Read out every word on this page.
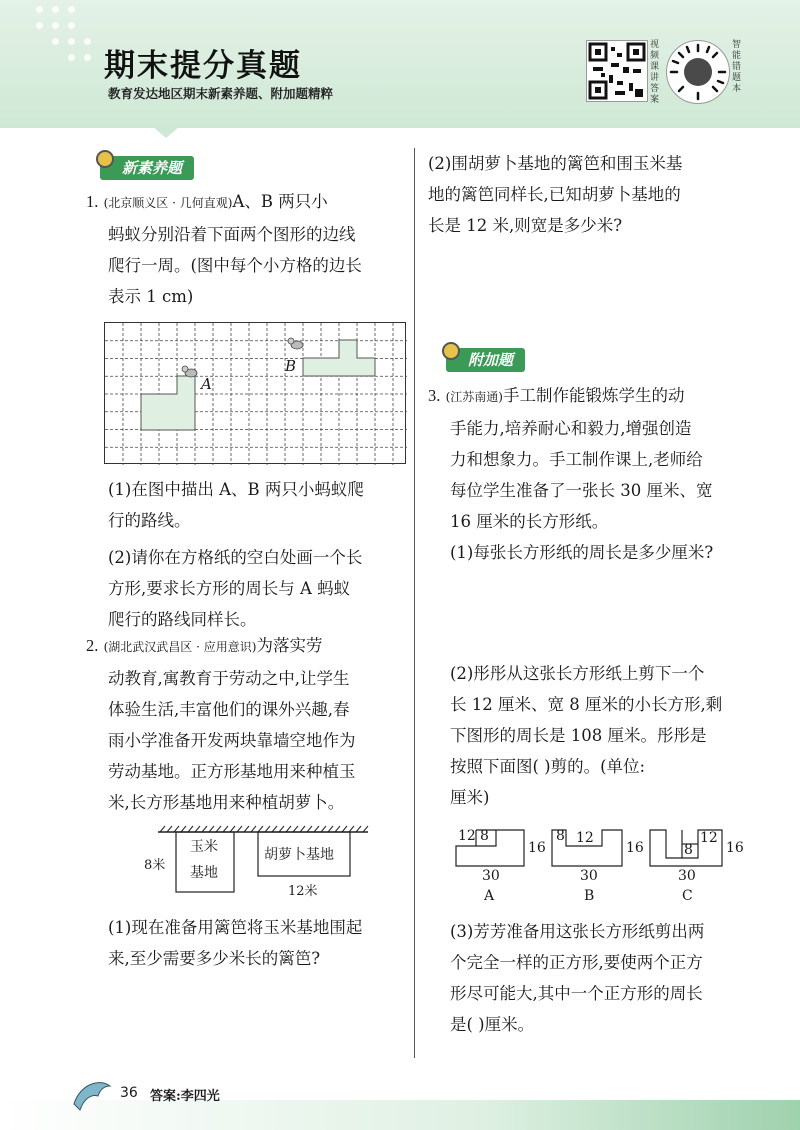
期末提分真题
教育发达地区期末新素养题、附加题精粹
视频课讲答案
智能错题本
新素养题
1. (北京顺义区 · 几何直观)A、B 两只小
蚂蚁分别沿着下面两个图形的边线
爬行一周。(图中每个小方格的边长
表示 1 cm)
A
B
(1)在图中描出 A、B 两只小蚂蚁爬
行的路线。
(2)请你在方格纸的空白处画一个长
方形,要求长方形的周长与 A 蚂蚁
爬行的路线同样长。
2. (湖北武汉武昌区 · 应用意识)为落实劳
动教育,寓教育于劳动之中,让学生
体验生活,丰富他们的课外兴趣,春
雨小学准备开发两块靠墙空地作为
劳动基地。正方形基地用来种植玉
米,长方形基地用来种植胡萝卜。
玉米
基地
胡萝卜基地
8米
12米
(1)现在准备用篱笆将玉米基地围起
来,至少需要多少米长的篱笆?
(2)围胡萝卜基地的篱笆和围玉米基
地的篱笆同样长,已知胡萝卜基地的
长是 12 米,则宽是多少米?
附加题
3. (江苏南通)手工制作能锻炼学生的动
手能力,培养耐心和毅力,增强创造
力和想象力。手工制作课上,老师给
每位学生准备了一张长 30 厘米、宽
16 厘米的长方形纸。
(1)每张长方形纸的周长是多少厘米?
(2)彤彤从这张长方形纸上剪下一个
长 12 厘米、宽 8 厘米的小长方形,剩
下图形的周长是 108 厘米。彤彤是
按照下面图( )剪的。(单位:
厘米)
12 8
16
30
A
8 12
16
30
B
8
12
16
30
C
(3)芳芳准备用这张长方形纸剪出两
个完全一样的正方形,要使两个正方
形尽可能大,其中一个正方形的周长
是( )厘米。
36 答案:李四光
